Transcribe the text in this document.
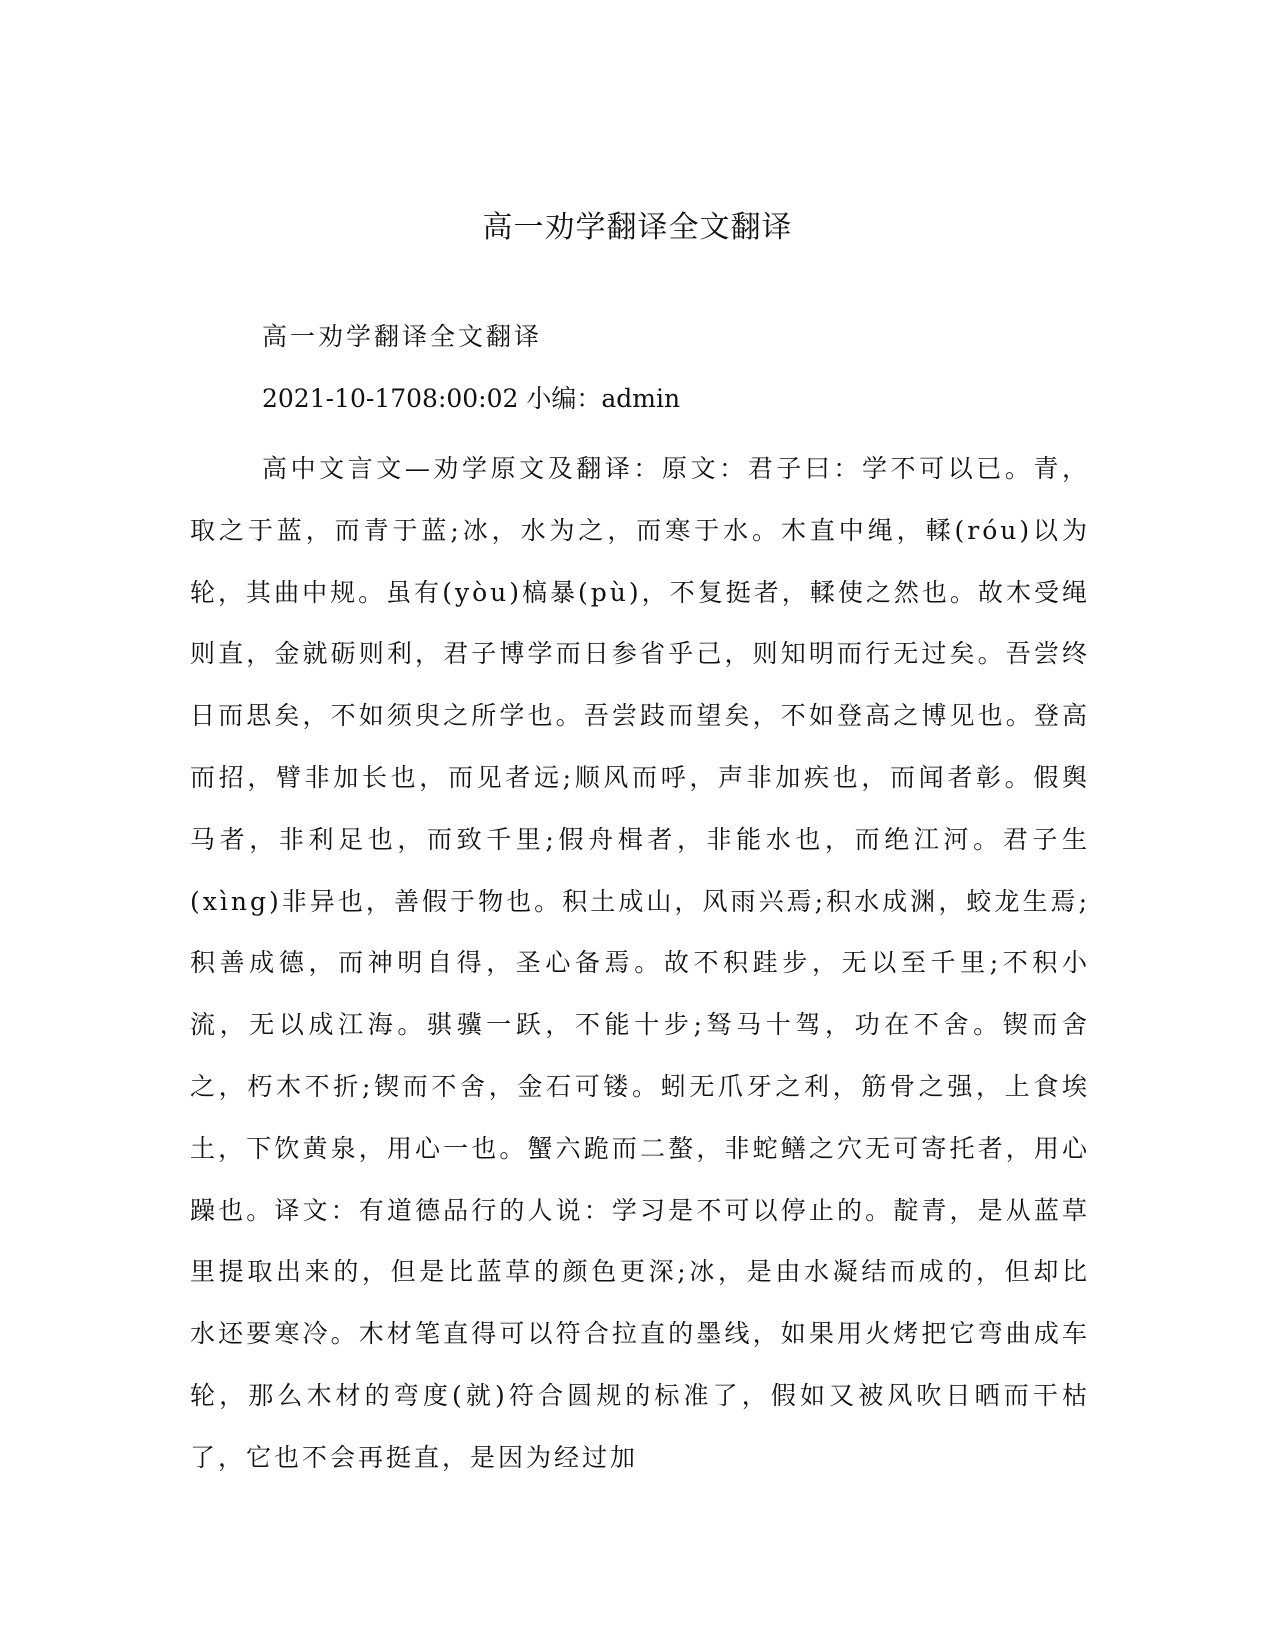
高一劝学翻译全文翻译
高一劝学翻译全文翻译
2021-10-1708:00:02 小编：admin

高中文言文—劝学原文及翻译：原文：君子曰：学不可以已。青，取之于蓝，而青于蓝;冰，水为之，而寒于水。木直中绳，輮(róu)以为轮，其曲中规。虽有(yòu)槁暴(pù)，不复挺者，輮使之然也。故木受绳则直，金就砺则利，君子博学而日参省乎己，则知明而行无过矣。吾尝终日而思矣，不如须臾之所学也。吾尝跂而望矣，不如登高之博见也。登高而招，臂非加长也，而见者远;顺风而呼，声非加疾也，而闻者彰。假舆马者，非利足也，而致千里;假舟楫者，非能水也，而绝江河。君子生(xìng)非异也，善假于物也。积土成山，风雨兴焉;积水成渊，蛟龙生焉;积善成德，而神明自得，圣心备焉。故不积跬步，无以至千里;不积小流，无以成江海。骐骥一跃，不能十步;驽马十驾，功在不舍。锲而舍之，朽木不折;锲而不舍，金石可镂。蚓无爪牙之利，筋骨之强，上食埃土，下饮黄泉，用心一也。蟹六跪而二螯，非蛇鳝之穴无可寄托者，用心躁也。译文：有道德品行的人说：学习是不可以停止的。靛青，是从蓝草里提取出来的，但是比蓝草的颜色更深;冰，是由水凝结而成的，但却比水还要寒冷。木材笔直得可以符合拉直的墨线，如果用火烤把它弯曲成车轮，那么木材的弯度(就)符合圆规的标准了，假如又被风吹日晒而干枯了，它也不会再挺直，是因为经过加
